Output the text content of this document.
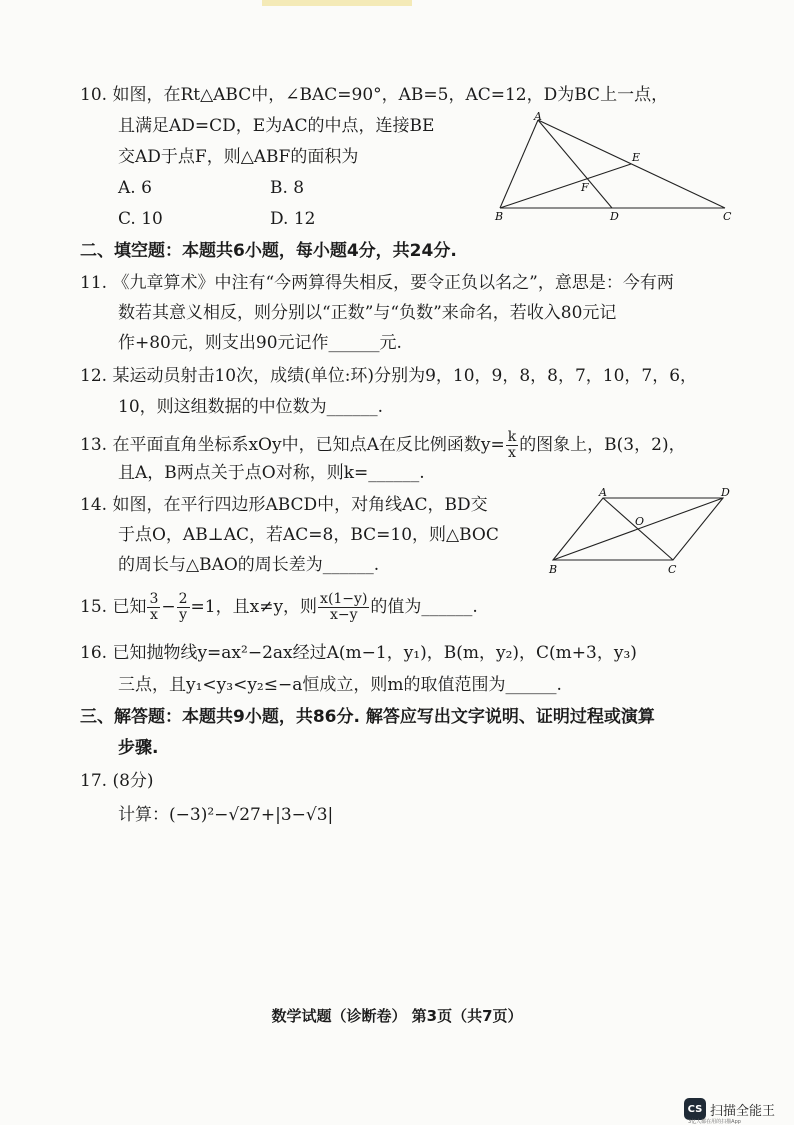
10. 如图，在Rt△ABC中，∠BAC=90°，AB=5，AC=12，D为BC上一点，
且满足AD=CD，E为AC的中点，连接BE
交AD于点F，则△ABF的面积为
A. 6	B. 8
C. 10	D. 12
A
E
F
B	D	C
二、填空题：本题共6小题，每小题4分，共24分.
11. 《九章算术》中注有“今两算得失相反，要令正负以名之”，意思是：今有两
数若其意义相反，则分别以“正数”与“负数”来命名，若收入80元记
作+80元，则支出90元记作______元.
12. 某运动员射击10次，成绩(单位:环)分别为9，10，9，8，8，7，10，7，6，
10，则这组数据的中位数为______.
13. 在平面直角坐标系xOy中，已知点A在反比例函数$y= \frac{k}{x}$ 的图象上，B(3，2)，
且A，B两点关于点O对称，则k=______.
14. 如图，在平行四边形ABCD中，对角线AC，BD交
于点O，AB⊥AC，若AC=8，BC=10，则△BOC
的周长与△BAO的周长差为______.
A	D
O
B	C
15. 已知 $\frac{3}{x} - \frac{2}{y} =1$，且x≠y，则 $\frac{x(1-y)}{x-y}$ 的值为______.
16. 已知抛物线y=ax²−2ax经过A(m−1，y₁)，B(m，y₂)，C(m+3，y₃)
三点，且y₁<y₃<y₂≤−a恒成立，则m的取值范围为______.
三、解答题：本题共9小题，共86分. 解答应写出文字说明、证明过程或演算
步骤.
17. (8分)
计算：(−3)²−√27+|3−√3|
数学试题（诊断卷） 第3页（共7页）
CS 扫描全能王
3亿人都在用的扫描App
